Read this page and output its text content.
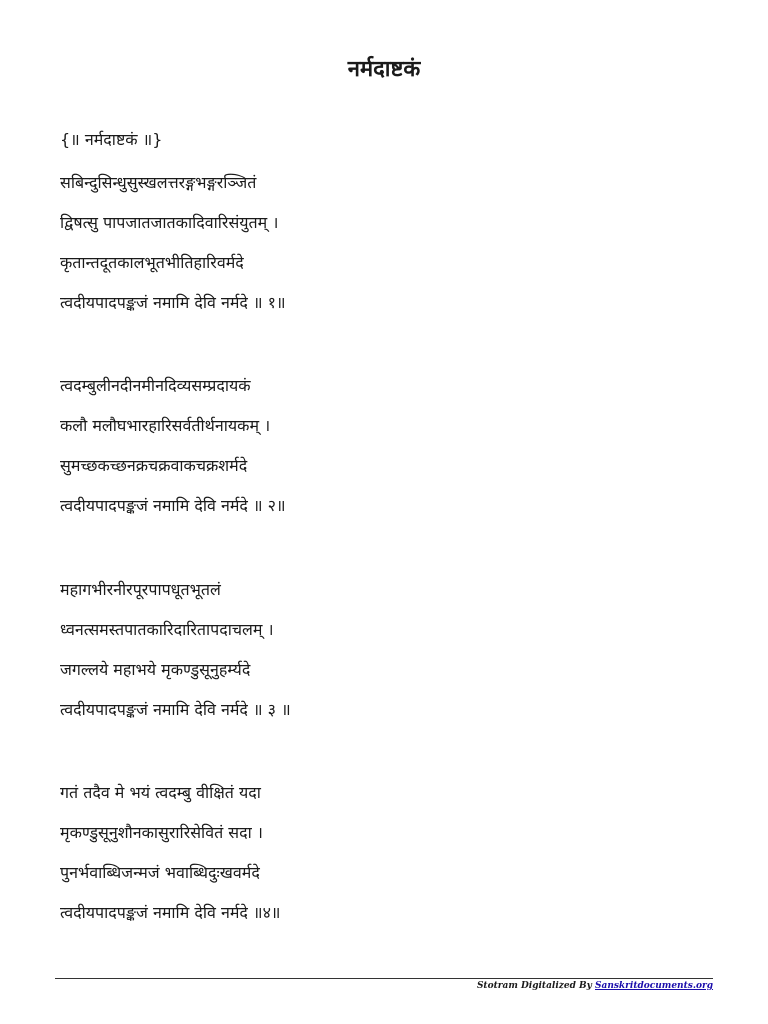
नर्मदाष्टकं
{॥ नर्मदाष्टकं ॥}
सबिन्दुसिन्धुसुस्खलत्तरङ्गभङ्गरञ्जितं
द्विषत्सु पापजातजातकादिवारिसंयुतम् ।
कृतान्तदूतकालभूतभीतिहारिवर्मदे
त्वदीयपादपङ्कजं नमामि देवि नर्मदे ॥ १॥
त्वदम्बुलीनदीनमीनदिव्यसम्प्रदायकं
कलौ मलौघभारहारिसर्वतीर्थनायकम् ।
सुमच्छकच्छनक्रचक्रवाकचक्रशर्मदे
त्वदीयपादपङ्कजं नमामि देवि नर्मदे ॥ २॥
महागभीरनीरपूरपापधूतभूतलं
ध्वनत्समस्तपातकारिदारितापदाचलम् ।
जगल्लये महाभये मृकण्डुसूनुहर्म्यदे
त्वदीयपादपङ्कजं नमामि देवि नर्मदे ॥ ३ ॥
गतं तदैव मे भयं त्वदम्बु वीक्षितं यदा
मृकण्डुसूनुशौनकासुरारिसेवितं सदा ।
पुनर्भवाब्धिजन्मजं भवाब्धिदुःखवर्मदे
त्वदीयपादपङ्कजं नमामि देवि नर्मदे ॥४॥
Stotram Digitalized By Sanskritdocuments.org
